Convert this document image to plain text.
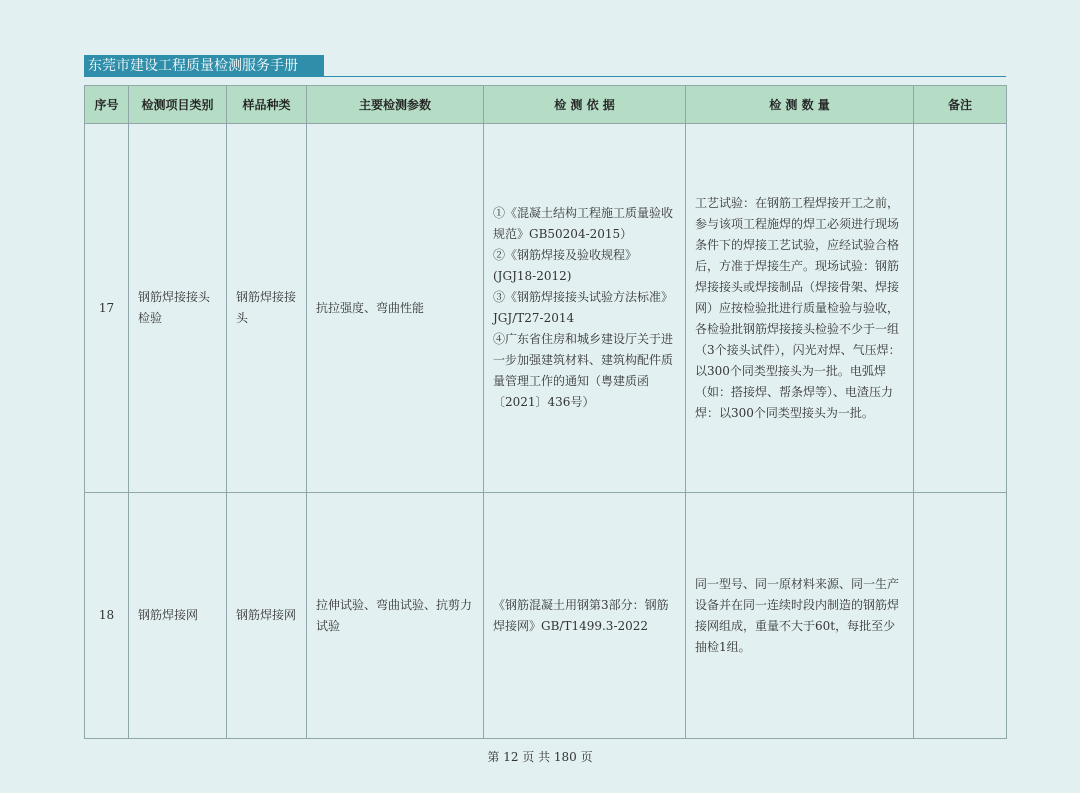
东莞市建设工程质量检测服务手册
序号	检测项目类别	样品种类	主要检测参数	检 测 依 据	检 测 数 量	备注
17	钢筋焊接接头检验	钢筋焊接接头	抗拉强度、弯曲性能	①《混凝土结构工程施工质量验收规范》GB50204-2015）
②《钢筋焊接及验收规程》(JGJ18-2012)
③《钢筋焊接接头试验方法标准》JGJ/T27-2014
④广东省住房和城乡建设厅关于进一步加强建筑材料、建筑构配件质量管理工作的通知（粤建质函〔2021〕436号）	工艺试验：在钢筋工程焊接开工之前，参与该项工程施焊的焊工必须进行现场条件下的焊接工艺试验，应经试验合格后，方准于焊接生产。现场试验：钢筋焊接接头或焊接制品（焊接骨架、焊接网）应按检验批进行质量检验与验收，各检验批钢筋焊接接头检验不少于一组（3个接头试件），闪光对焊、气压焊：以300个同类型接头为一批。电弧焊（如：搭接焊、帮条焊等）、电渣压力焊：以300个同类型接头为一批。	
18	钢筋焊接网	钢筋焊接网	拉伸试验、弯曲试验、抗剪力试验	《钢筋混凝土用钢第3部分：钢筋焊接网》GB/T1499.3-2022	同一型号、同一原材料来源、同一生产设备并在同一连续时段内制造的钢筋焊接网组成，重量不大于60t，每批至少抽检1组。	
第 12 页 共 180 页
